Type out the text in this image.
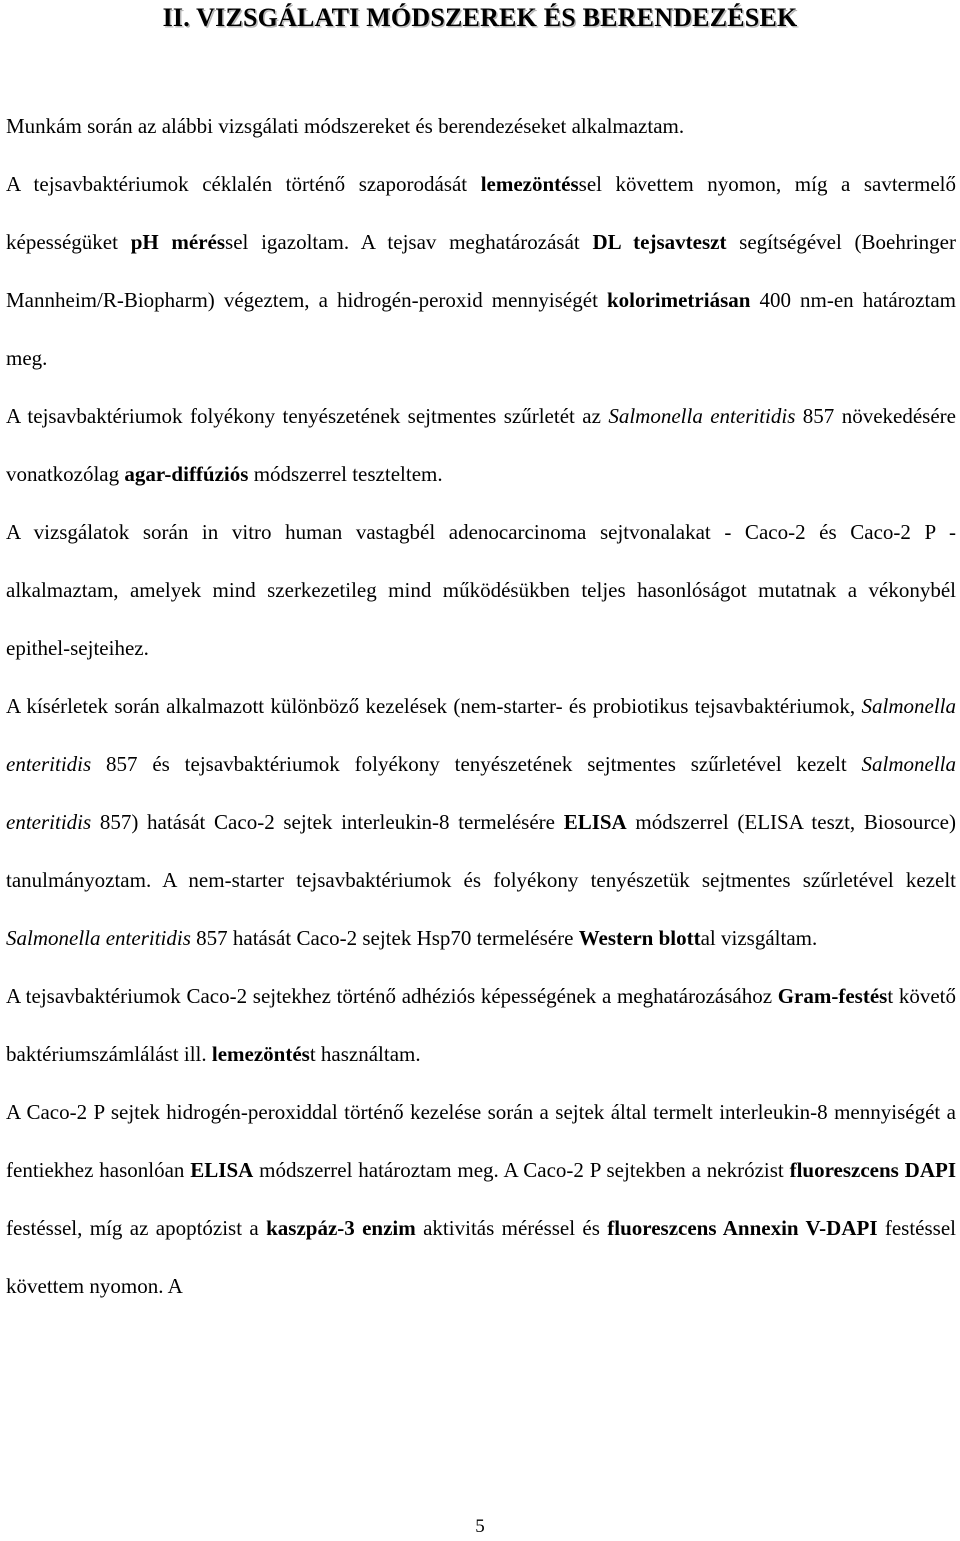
II. VIZSGÁLATI MÓDSZEREK ÉS BERENDEZÉSEK

Munkám során az alábbi vizsgálati módszereket és berendezéseket alkalmaztam.

A tejsavbaktériumok céklalén történő szaporodását lemezöntéssel követtem nyomon, míg a savtermelő képességüket pH méréssel igazoltam. A tejsav meghatározását DL tejsavteszt segítségével (Boehringer Mannheim/R-Biopharm) végeztem, a hidrogén-peroxid mennyiségét kolorimetriásan 400 nm-en határoztam meg.

A tejsavbaktériumok folyékony tenyészetének sejtmentes szűrletét az Salmonella enteritidis 857 növekedésére vonatkozólag agar-diffúziós módszerrel teszteltem.

A vizsgálatok során in vitro human vastagbél adenocarcinoma sejtvonalakat - Caco-2 és Caco-2 P - alkalmaztam, amelyek mind szerkezetileg mind működésükben teljes hasonlóságot mutatnak a vékonybél epithel-sejteihez.

A kísérletek során alkalmazott különböző kezelések (nem-starter- és probiotikus tejsavbaktériumok, Salmonella enteritidis 857 és tejsavbaktériumok folyékony tenyészetének sejtmentes szűrletével kezelt Salmonella enteritidis 857) hatását Caco-2 sejtek interleukin-8 termelésére ELISA módszerrel (ELISA teszt, Biosource) tanulmányoztam. A nem-starter tejsavbaktériumok és folyékony tenyészetük sejtmentes szűrletével kezelt Salmonella enteritidis 857 hatását Caco-2 sejtek Hsp70 termelésére Western blottal vizsgáltam.

A tejsavbaktériumok Caco-2 sejtekhez történő adhéziós képességének a meghatározásához Gram-festést követő baktériumszámlálást ill. lemezöntést használtam.

A Caco-2 P sejtek hidrogén-peroxiddal történő kezelése során a sejtek által termelt interleukin-8 mennyiségét a fentiekhez hasonlóan ELISA módszerrel határoztam meg. A Caco-2 P sejtekben a nekrózist fluoreszcens DAPI festéssel, míg az apoptózist a kaszpáz-3 enzim aktivitás méréssel és fluoreszcens Annexin V-DAPI festéssel követtem nyomon. A

5
